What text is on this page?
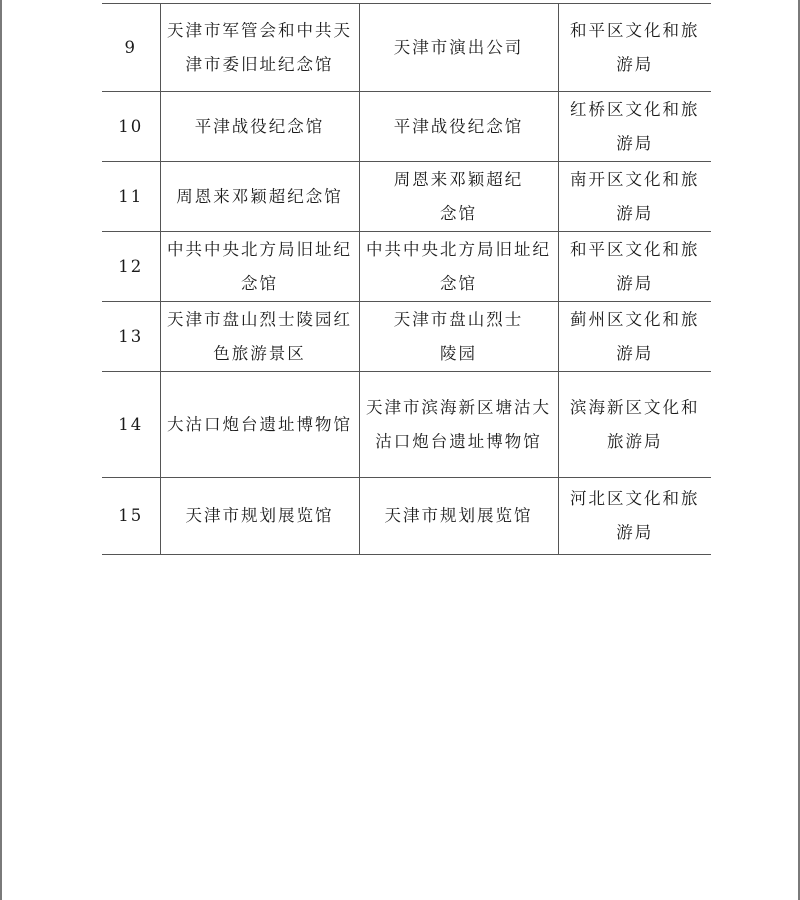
9	天津市军管会和中共天津市委旧址纪念馆	天津市演出公司	和平区文化和旅游局

10	平津战役纪念馆	平津战役纪念馆	红桥区文化和旅游局

11	周恩来邓颖超纪念馆	周恩来邓颖超纪念馆	南开区文化和旅游局

12	中共中央北方局旧址纪念馆	中共中央北方局旧址纪念馆	和平区文化和旅游局

13	天津市盘山烈士陵园红色旅游景区	天津市盘山烈士陵园	蓟州区文化和旅游局

14	大沽口炮台遗址博物馆	天津市滨海新区塘沽大沽口炮台遗址博物馆	滨海新区文化和旅游局

15	天津市规划展览馆	天津市规划展览馆	河北区文化和旅游局
